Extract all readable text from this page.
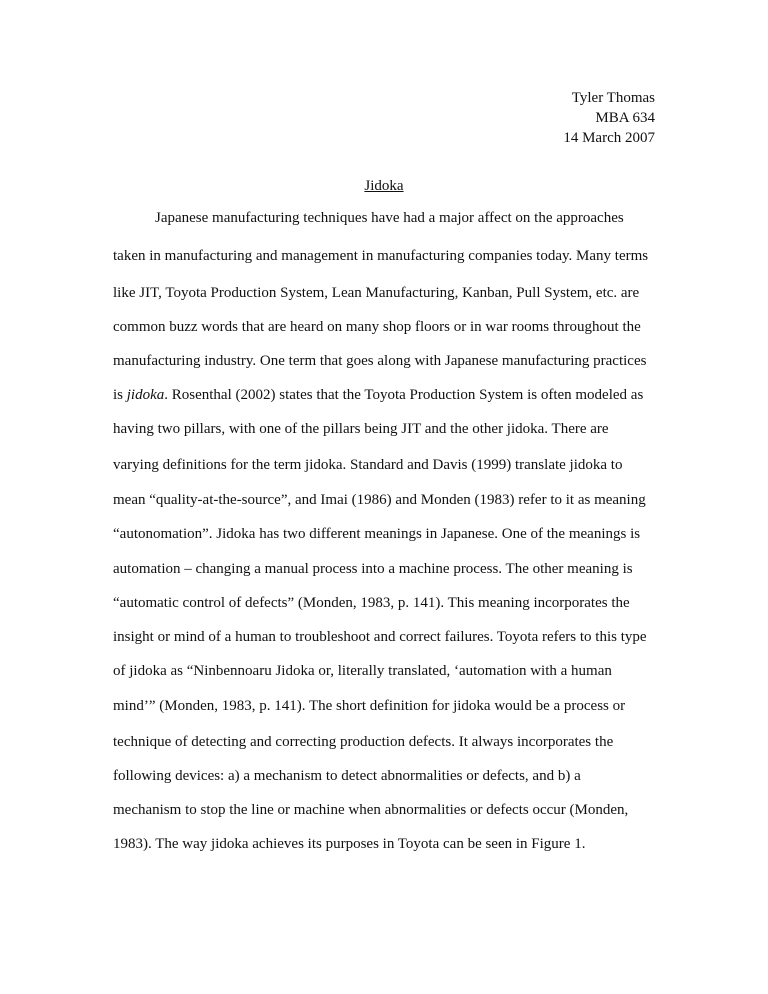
Tyler Thomas
MBA 634
14 March 2007
Jidoka
Japanese manufacturing techniques have had a major affect on the approaches
taken in manufacturing and management in manufacturing companies today. Many terms
like JIT, Toyota Production System, Lean Manufacturing, Kanban, Pull System, etc. are
common buzz words that are heard on many shop floors or in war rooms throughout the
manufacturing industry. One term that goes along with Japanese manufacturing practices
is jidoka. Rosenthal (2002) states that the Toyota Production System is often modeled as
having two pillars, with one of the pillars being JIT and the other jidoka. There are
varying definitions for the term jidoka. Standard and Davis (1999) translate jidoka to
mean “quality-at-the-source”, and Imai (1986) and Monden (1983) refer to it as meaning
“autonomation”. Jidoka has two different meanings in Japanese. One of the meanings is
automation – changing a manual process into a machine process. The other meaning is
“automatic control of defects” (Monden, 1983, p. 141). This meaning incorporates the
insight or mind of a human to troubleshoot and correct failures. Toyota refers to this type
of jidoka as “Ninbennoaru Jidoka or, literally translated, ‘automation with a human
mind’” (Monden, 1983, p. 141). The short definition for jidoka would be a process or
technique of detecting and correcting production defects. It always incorporates the
following devices: a) a mechanism to detect abnormalities or defects, and b) a
mechanism to stop the line or machine when abnormalities or defects occur (Monden,
1983). The way jidoka achieves its purposes in Toyota can be seen in Figure 1.
